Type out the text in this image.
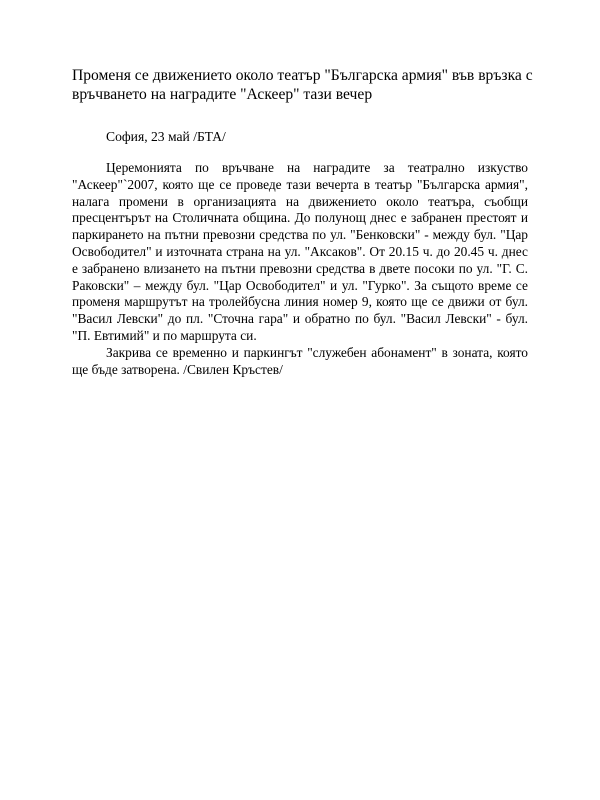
Променя се движението около театър "Българска армия" във връзка с връчването на наградите "Аскеер" тази вечер

София, 23 май /БТА/

Церемонията по връчване на наградите за театрално изкуство "Аскеер"`2007, която ще се проведе тази вечерта в театър "Българска армия", налага промени в организацията на движението около театъра, съобщи пресцентърът на Столичната община. До полунощ днес е забранен престоят и паркирането на пътни превозни средства по ул. "Бенковски" - между бул. "Цар Освободител" и източната страна на ул. "Аксаков". От 20.15 ч. до 20.45 ч. днес е забранено влизането на пътни превозни средства в двете посоки по ул. "Г. С. Раковски" – между бул. "Цар Освободител" и ул. "Гурко". За същото време се променя маршрутът на тролейбусна линия номер 9, която ще се движи от бул. "Васил Левски" до пл. "Сточна гара" и обратно по бул. "Васил Левски" - бул. "П. Евтимий" и по маршрута си.

Закрива се временно и паркингът "служебен абонамент" в зоната, която ще бъде затворена. /Свилен Кръстев/
